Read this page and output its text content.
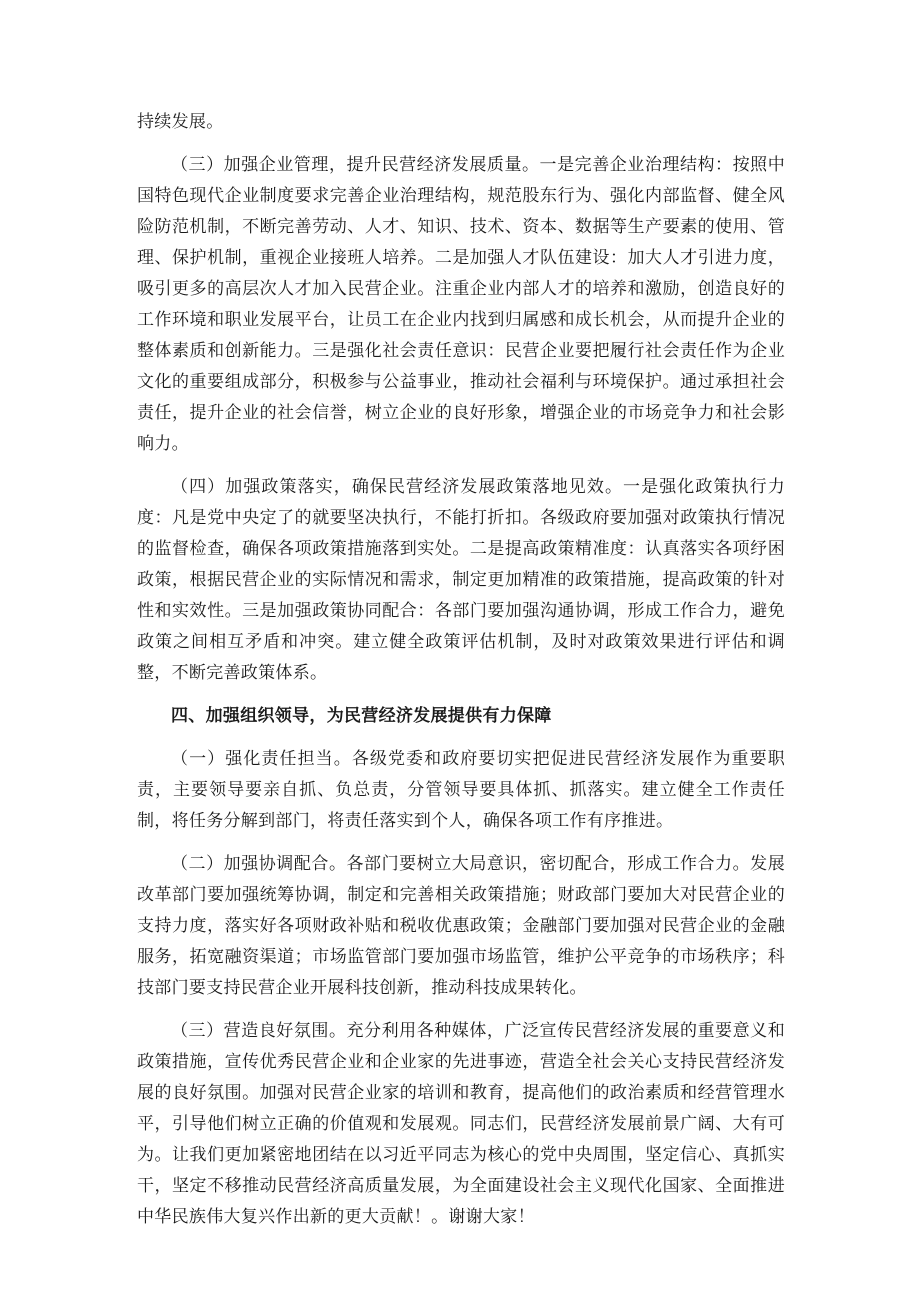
持续发展。

（三）加强企业管理，提升民营经济发展质量。一是完善企业治理结构：按照中国特色现代企业制度要求完善企业治理结构，规范股东行为、强化内部监督、健全风险防范机制，不断完善劳动、人才、知识、技术、资本、数据等生产要素的使用、管理、保护机制，重视企业接班人培养。二是加强人才队伍建设：加大人才引进力度，吸引更多的高层次人才加入民营企业。注重企业内部人才的培养和激励，创造良好的工作环境和职业发展平台，让员工在企业内找到归属感和成长机会，从而提升企业的整体素质和创新能力。三是强化社会责任意识：民营企业要把履行社会责任作为企业文化的重要组成部分，积极参与公益事业，推动社会福利与环境保护。通过承担社会责任，提升企业的社会信誉，树立企业的良好形象，增强企业的市场竞争力和社会影响力。

（四）加强政策落实，确保民营经济发展政策落地见效。一是强化政策执行力度：凡是党中央定了的就要坚决执行，不能打折扣。各级政府要加强对政策执行情况的监督检查，确保各项政策措施落到实处。二是提高政策精准度：认真落实各项纾困政策，根据民营企业的实际情况和需求，制定更加精准的政策措施，提高政策的针对性和实效性。三是加强政策协同配合：各部门要加强沟通协调，形成工作合力，避免政策之间相互矛盾和冲突。建立健全政策评估机制，及时对政策效果进行评估和调整，不断完善政策体系。

四、加强组织领导，为民营经济发展提供有力保障

（一）强化责任担当。各级党委和政府要切实把促进民营经济发展作为重要职责，主要领导要亲自抓、负总责，分管领导要具体抓、抓落实。建立健全工作责任制，将任务分解到部门，将责任落实到个人，确保各项工作有序推进。

（二）加强协调配合。各部门要树立大局意识，密切配合，形成工作合力。发展改革部门要加强统筹协调，制定和完善相关政策措施；财政部门要加大对民营企业的支持力度，落实好各项财政补贴和税收优惠政策；金融部门要加强对民营企业的金融服务，拓宽融资渠道；市场监管部门要加强市场监管，维护公平竞争的市场秩序；科技部门要支持民营企业开展科技创新，推动科技成果转化。

（三）营造良好氛围。充分利用各种媒体，广泛宣传民营经济发展的重要意义和政策措施，宣传优秀民营企业和企业家的先进事迹，营造全社会关心支持民营经济发展的良好氛围。加强对民营企业家的培训和教育，提高他们的政治素质和经营管理水平，引导他们树立正确的价值观和发展观。同志们，民营经济发展前景广阔、大有可为。让我们更加紧密地团结在以习近平同志为核心的党中央周围，坚定信心、真抓实干，坚定不移推动民营经济高质量发展，为全面建设社会主义现代化国家、全面推进中华民族伟大复兴作出新的更大贡献！。谢谢大家！
